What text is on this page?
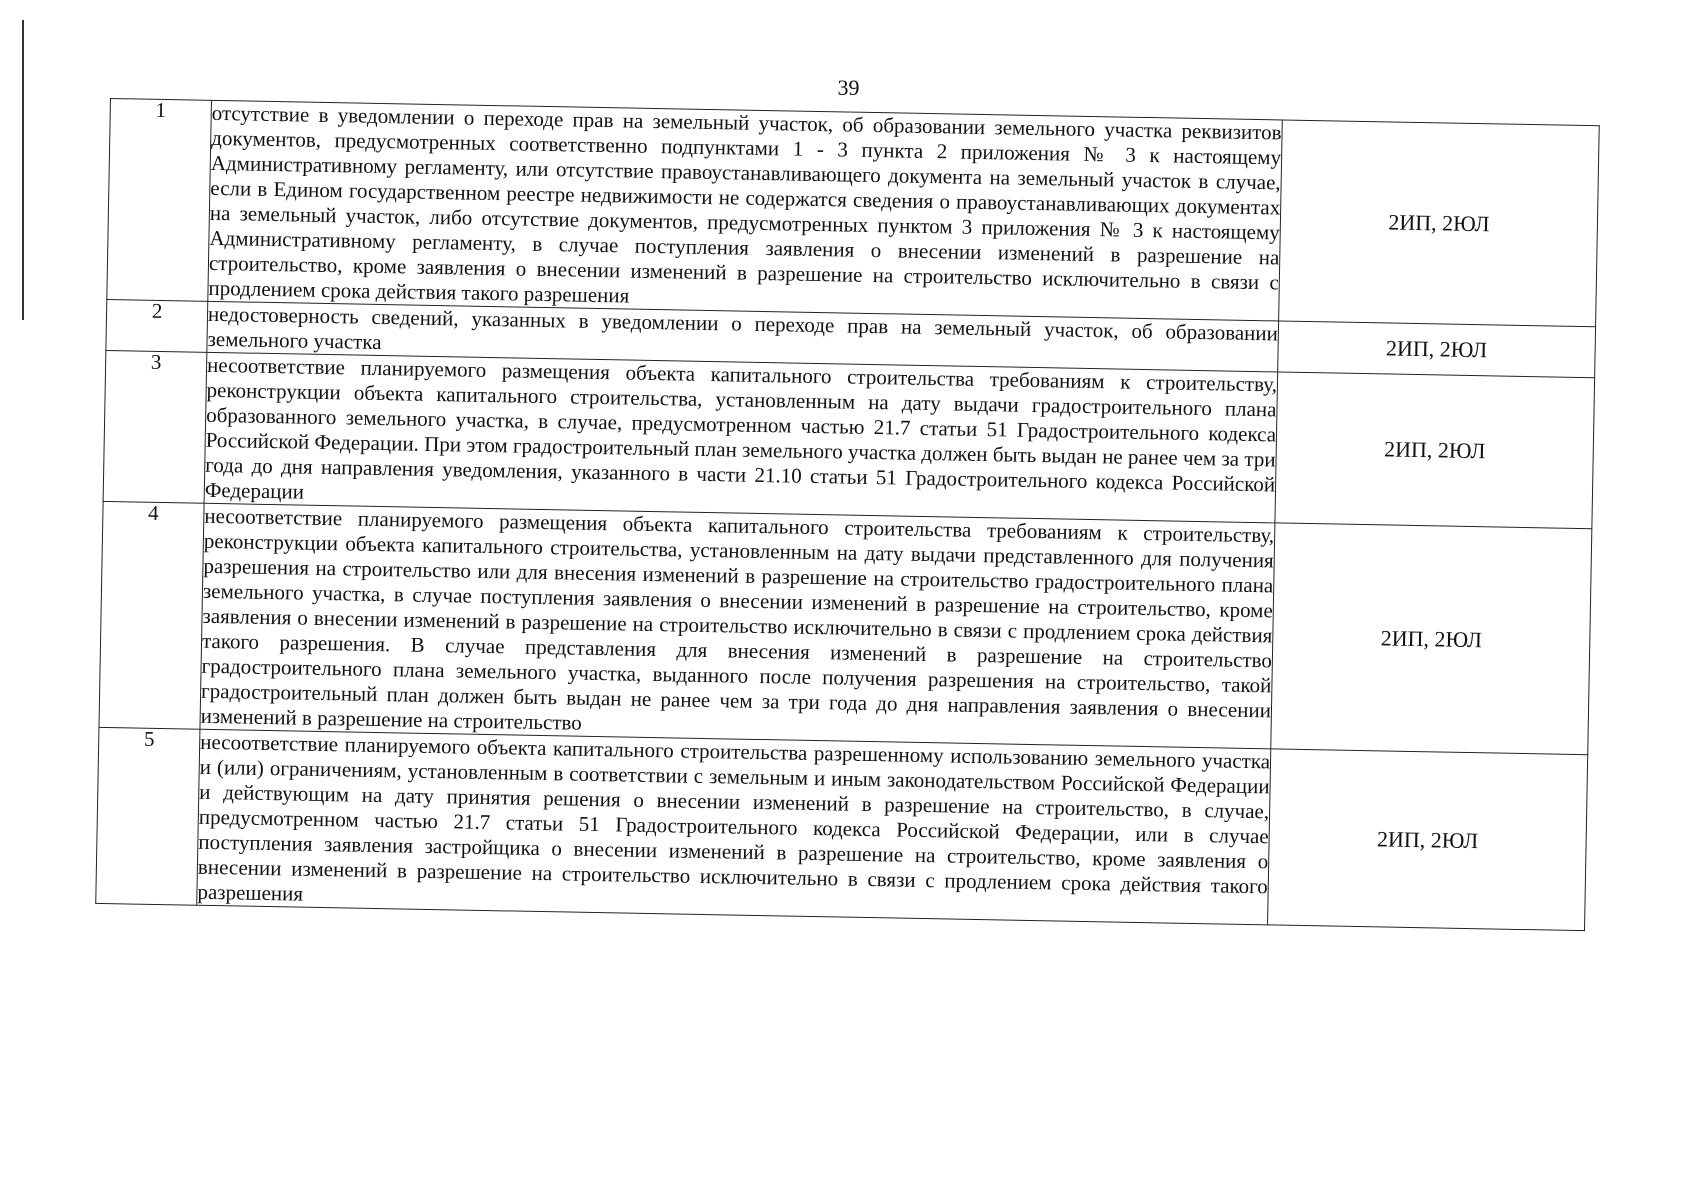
39
1	отсутствие в уведомлении о переходе прав на земельный участок, об образовании земельного участка реквизитов документов, предусмотренных соответственно подпунктами 1 - 3 пункта 2 приложения № 3 к настоящему Административному регламенту, или отсутствие правоустанавливающего документа на земельный участок в случае, если в Едином государственном реестре недвижимости не содержатся сведения о правоустанавливающих документах на земельный участок, либо отсутствие документов, предусмотренных пунктом 3 приложения № 3 к настоящему Административному регламенту, в случае поступления заявления о внесении изменений в разрешение на строительство, кроме заявления о внесении изменений в разрешение на строительство исключительно в связи с продлением срока действия такого разрешения	2ИП, 2ЮЛ
2	недостоверность сведений, указанных в уведомлении о переходе прав на земельный участок, об образовании земельного участка	2ИП, 2ЮЛ
3	несоответствие планируемого размещения объекта капитального строительства требованиям к строительству, реконструкции объекта капитального строительства, установленным на дату выдачи градостроительного плана образованного земельного участка, в случае, предусмотренном частью 21.7 статьи 51 Градостроительного кодекса Российской Федерации. При этом градостроительный план земельного участка должен быть выдан не ранее чем за три года до дня направления уведомления, указанного в части 21.10 статьи 51 Градостроительного кодекса Российской Федерации	2ИП, 2ЮЛ
4	несоответствие планируемого размещения объекта капитального строительства требованиям к строительству, реконструкции объекта капитального строительства, установленным на дату выдачи представленного для получения разрешения на строительство или для внесения изменений в разрешение на строительство градостроительного плана земельного участка, в случае поступления заявления о внесении изменений в разрешение на строительство, кроме заявления о внесении изменений в разрешение на строительство исключительно в связи с продлением срока действия такого разрешения. В случае представления для внесения изменений в разрешение на строительство градостроительного плана земельного участка, выданного после получения разрешения на строительство, такой градостроительный план должен быть выдан не ранее чем за три года до дня направления заявления о внесении изменений в разрешение на строительство	2ИП, 2ЮЛ
5	несоответствие планируемого объекта капитального строительства разрешенному использованию земельного участка и (или) ограничениям, установленным в соответствии с земельным и иным законодательством Российской Федерации и действующим на дату принятия решения о внесении изменений в разрешение на строительство, в случае, предусмотренном частью 21.7 статьи 51 Градостроительного кодекса Российской Федерации, или в случае поступления заявления застройщика о внесении изменений в разрешение на строительство, кроме заявления о внесении изменений в разрешение на строительство исключительно в связи с продлением срока действия такого разрешения	2ИП, 2ЮЛ
